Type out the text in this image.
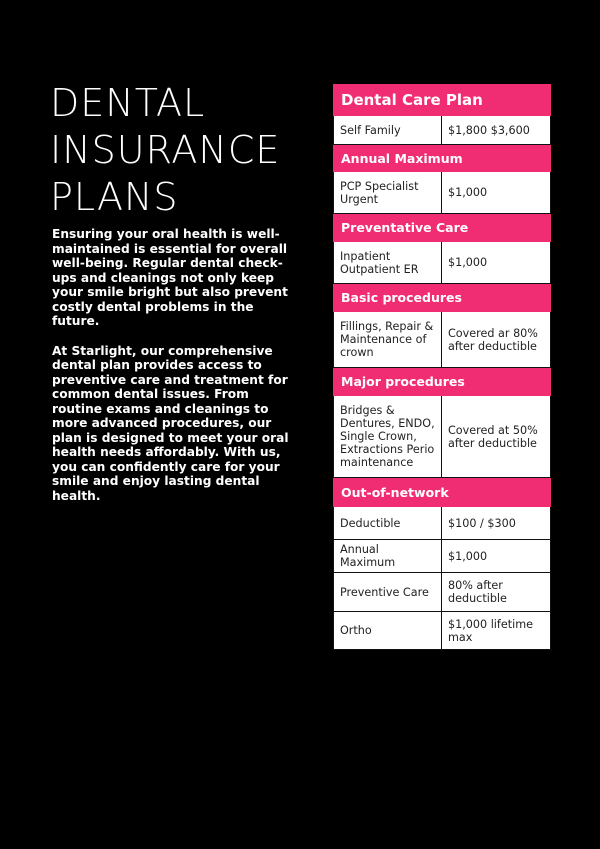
DENTAL
INSURANCE
PLANS

Ensuring your oral health is well-maintained is essential for overall well-being. Regular dental check-ups and cleanings not only keep your smile bright but also prevent costly dental problems in the future.

At Starlight, our comprehensive dental plan provides access to preventive care and treatment for common dental issues. From routine exams and cleanings to more advanced procedures, our plan is designed to meet your oral health needs affordably. With us, you can confidently care for your smile and enjoy lasting dental health.

Dental Care Plan	
Self Family	$1,800 $3,600
Annual Maximum	
PCP Specialist Urgent	$1,000
Preventative Care	
Inpatient Outpatient ER	$1,000
Basic procedures	
Fillings, Repair & Maintenance of crown	Covered ar 80% after deductible
Major procedures	
Bridges & Dentures, ENDO, Single Crown, Extractions Perio maintenance	Covered at 50% after deductible
Out-of-network	
Deductible	$100 / $300
Annual Maximum	$1,000
Preventive Care	80% after deductible
Ortho	$1,000 lifetime max
